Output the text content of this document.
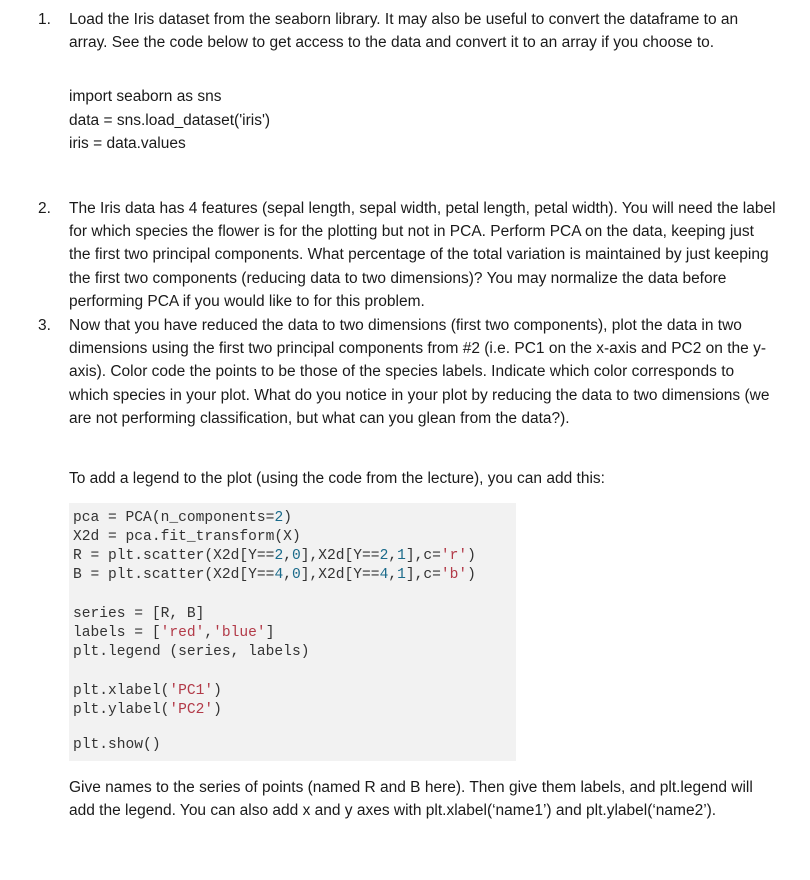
1.	Load the Iris dataset from the seaborn library. It may also be useful to convert the dataframe to an array. See the code below to get access to the data and convert it to an array if you choose to.

import seaborn as sns

data = sns.load_dataset('iris')

iris = data.values

2.	The Iris data has 4 features (sepal length, sepal width, petal length, petal width). You will need the label for which species the flower is for the plotting but not in PCA. Perform PCA on the data, keeping just the first two principal components. What percentage of the total variation is maintained by just keeping the first two components (reducing data to two dimensions)? You may normalize the data before performing PCA if you would like to for this problem.

3.	Now that you have reduced the data to two dimensions (first two components), plot the data in two dimensions using the first two principal components from #2 (i.e. PC1 on the x-axis and PC2 on the y-axis). Color code the points to be those of the species labels. Indicate which color corresponds to which species in your plot. What do you notice in your plot by reducing the data to two dimensions (we are not performing classification, but what can you glean from the data?).

To add a legend to the plot (using the code from the lecture), you can add this:

pca = PCA(n_components=2)
X2d = pca.fit_transform(X)
R = plt.scatter(X2d[Y==2,0],X2d[Y==2,1],c='r')
B = plt.scatter(X2d[Y==4,0],X2d[Y==4,1],c='b')
series = [R, B]
labels = ['red','blue']
plt.legend (series, labels)
plt.xlabel('PC1')
plt.ylabel('PC2')
plt.show()

Give names to the series of points (named R and B here). Then give them labels, and plt.legend will add the legend. You can also add x and y axes with plt.xlabel(‘name1’) and plt.ylabel(‘name2’).
